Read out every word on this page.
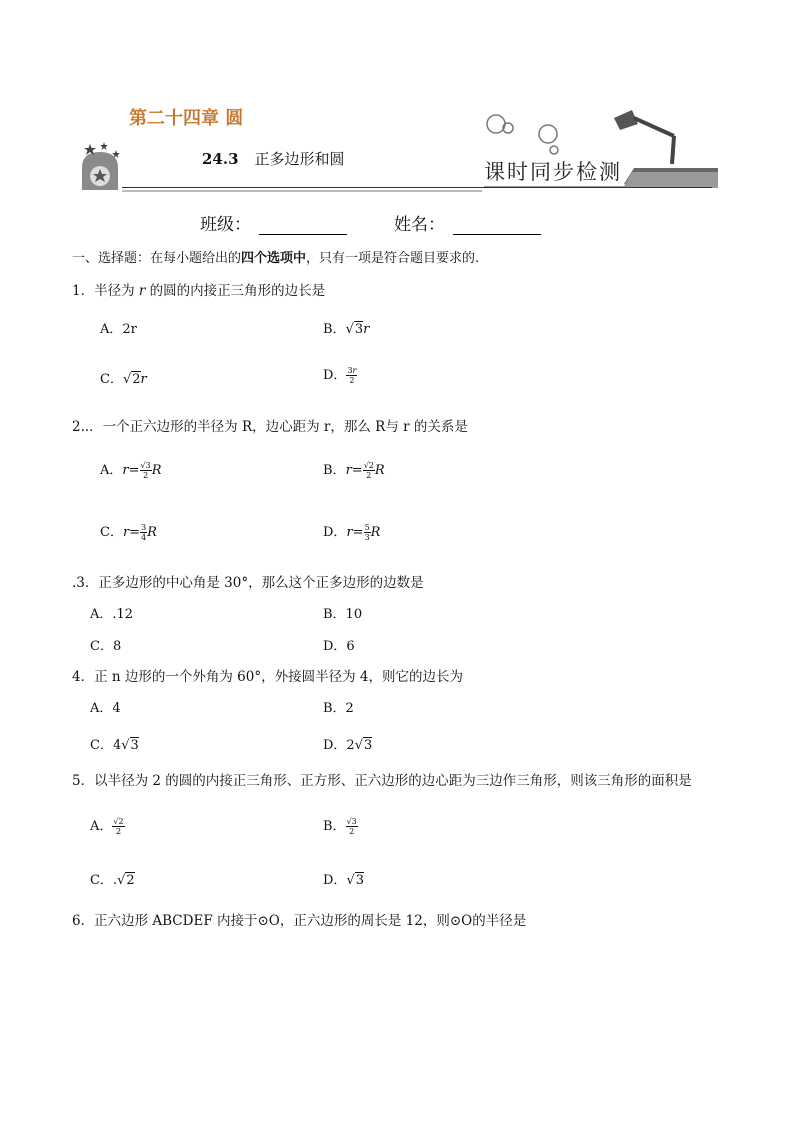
第二十四章 圆
24.3 正多边形和圆
课时同步检测
班级：	姓名：
一、选择题：在每小题给出的四个选项中，只有一项是符合题目要求的.
1．半径为 r 的圆的内接正三角形的边长是
A．2r	B．√3r
C．√2r	D． $\frac{3r}{2}$
2..．一个正六边形的半径为 R，边心距为 r，那么 R与 r 的关系是
A．$r= \frac{√3}{2}$ R	B．$r= \frac{√2}{2}$ R
C．$r= \frac{3}{4}$ R	D．$r= \frac{5}{3}$ R
.3．正多边形的中心角是 30°，那么这个正多边形的边数是
A．.12	B．10
C．8	D．6
4．正 n 边形的一个外角为 60°，外接圆半径为 4，则它的边长为
A．4	B．2
C．4√3	D．2√3
5．以半径为 2 的圆的内接正三角形、正方形、正六边形的边心距为三边作三角形，则该三角形的面积是
A． $\frac{√2}{2}$	B． $\frac{√3}{2}$
C．.√2	D．√3
6．正六边形 ABCDEF 内接于⊙O，正六边形的周长是 12，则⊙O的半径是
